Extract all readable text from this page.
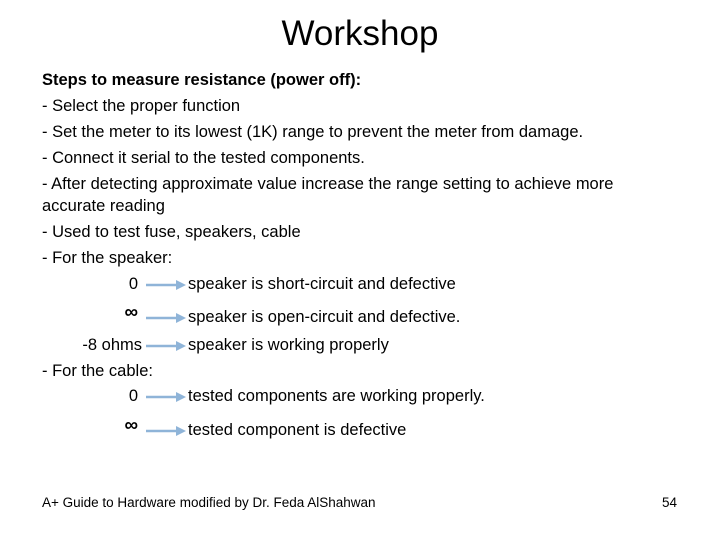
Workshop
Steps to measure resistance (power off):
- Select the proper function
- Set the meter to its lowest (1K) range to prevent the meter from damage.
- Connect it serial to the tested components.
- After detecting approximate value increase the range setting to achieve more
accurate reading
- Used to test fuse, speakers, cable
- For the speaker:
0	speaker is short-circuit and defective
∞	speaker is open-circuit and defective.
-8 ohms	speaker is working properly
- For the cable:
0	tested components are working properly.
∞	tested component is defective
A+ Guide to Hardware modified by Dr. Feda AlShahwan	54
